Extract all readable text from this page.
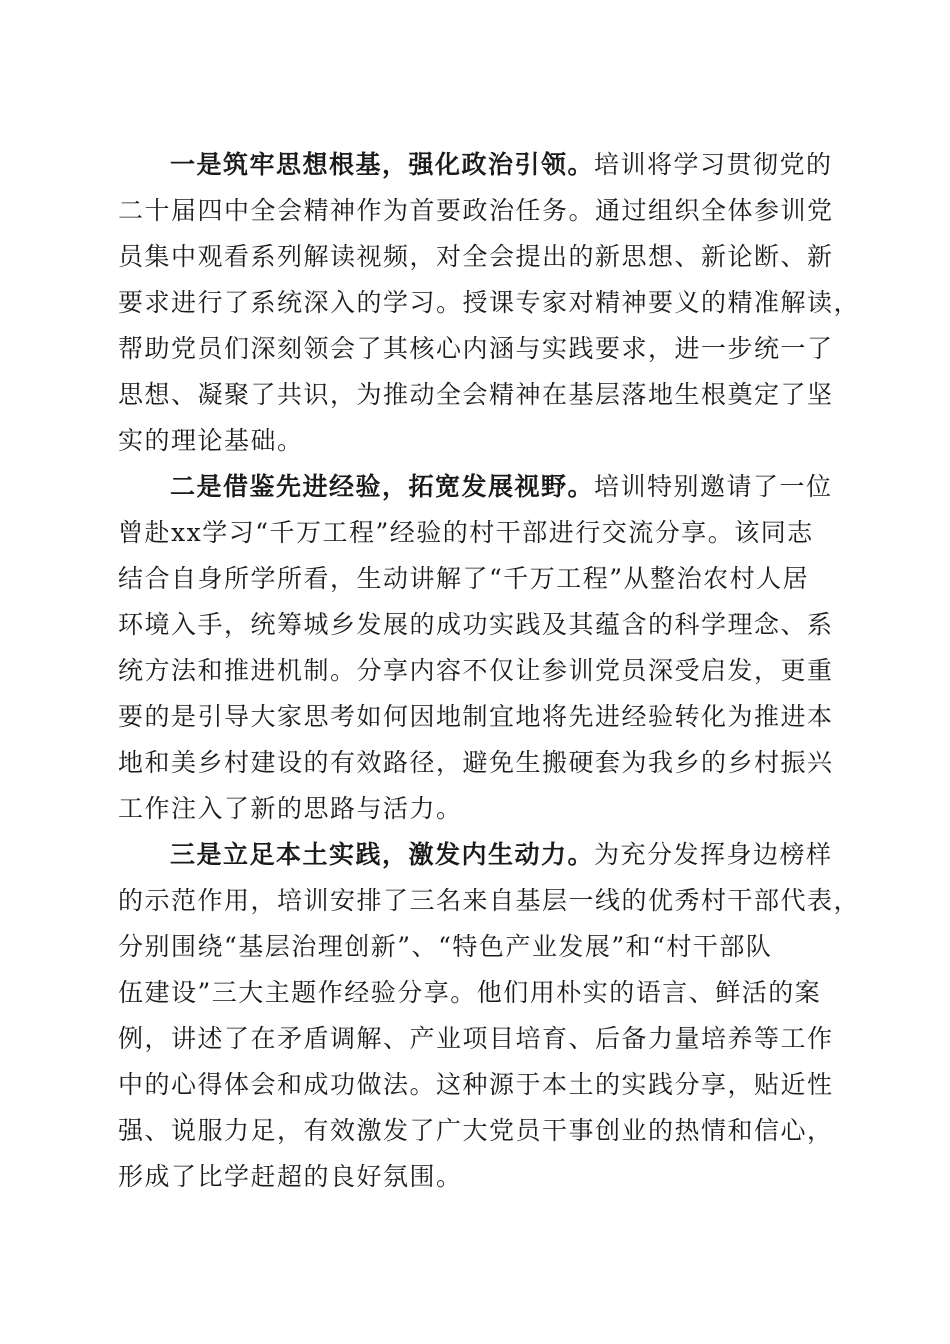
一是筑牢思想根基，强化政治引领。培训将学习贯彻党的
二十届四中全会精神作为首要政治任务。通过组织全体参训党
员集中观看系列解读视频，对全会提出的新思想、新论断、新
要求进行了系统深入的学习。授课专家对精神要义的精准解读，
帮助党员们深刻领会了其核心内涵与实践要求，进一步统一了
思想、凝聚了共识，为推动全会精神在基层落地生根奠定了坚
实的理论基础。
二是借鉴先进经验，拓宽发展视野。培训特别邀请了一位
曾赴xx学习“千万工程”经验的村干部进行交流分享。该同志
结合自身所学所看，生动讲解了“千万工程”从整治农村人居
环境入手，统筹城乡发展的成功实践及其蕴含的科学理念、系
统方法和推进机制。分享内容不仅让参训党员深受启发，更重
要的是引导大家思考如何因地制宜地将先进经验转化为推进本
地和美乡村建设的有效路径，避免生搬硬套为我乡的乡村振兴
工作注入了新的思路与活力。
三是立足本土实践，激发内生动力。为充分发挥身边榜样
的示范作用，培训安排了三名来自基层一线的优秀村干部代表，
分别围绕“基层治理创新”、“特色产业发展”和“村干部队
伍建设”三大主题作经验分享。他们用朴实的语言、鲜活的案
例，讲述了在矛盾调解、产业项目培育、后备力量培养等工作
中的心得体会和成功做法。这种源于本土的实践分享，贴近性
强、说服力足，有效激发了广大党员干事创业的热情和信心，
形成了比学赶超的良好氛围。
